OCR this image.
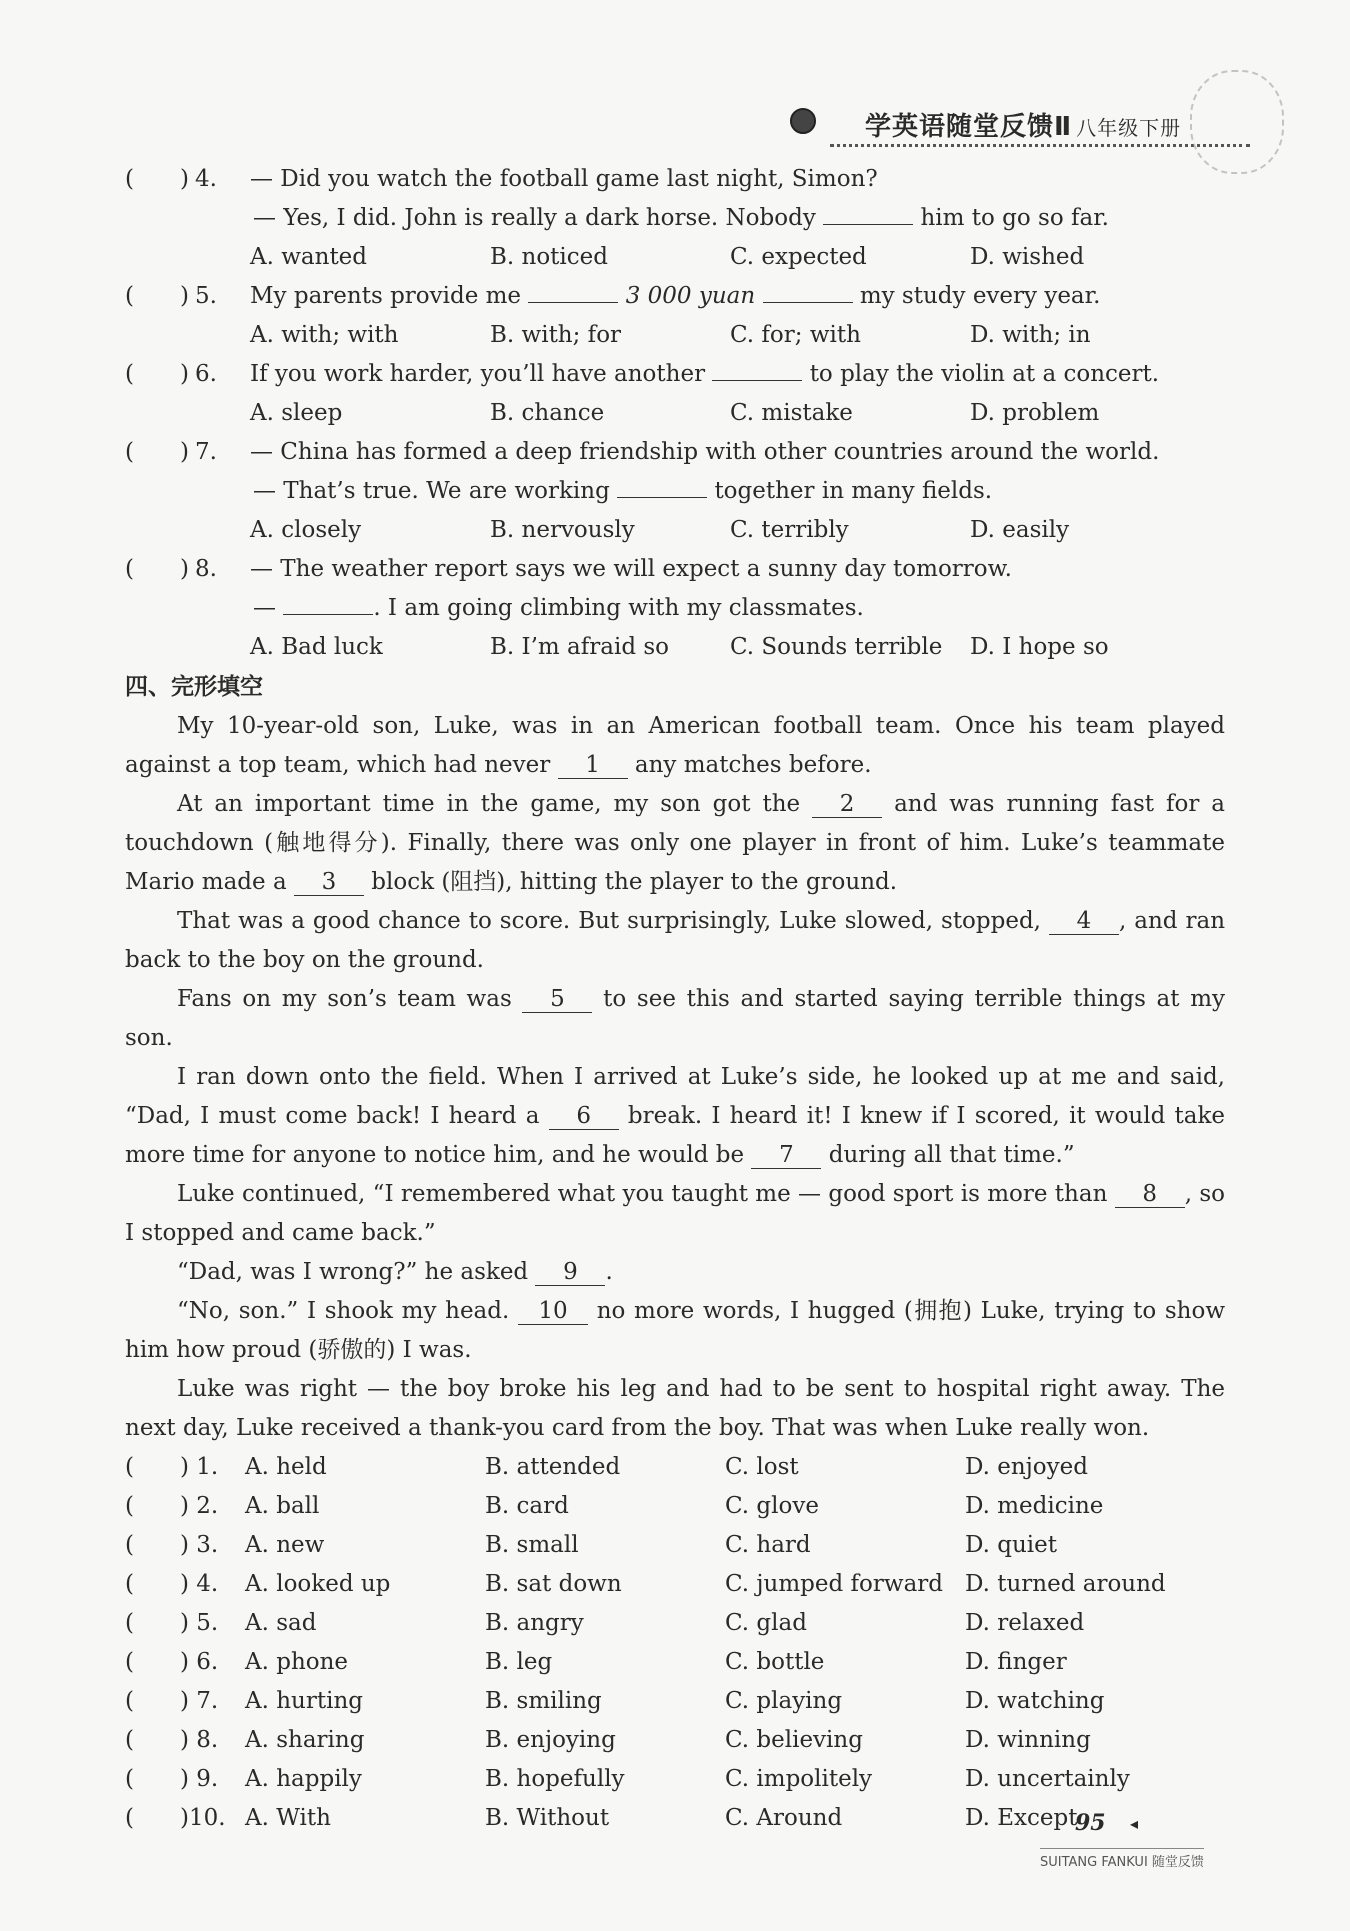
学英语随堂反馈Ⅱ 八年级下册
(　　) 4. — Did you watch the football game last night, Simon?
— Yes, I did. John is really a dark horse. Nobody	him to go so far.
A. wanted	B. noticed	C. expected	D. wished
(　　) 5. My parents provide me	3 000 yuan	my study every year.
A. with; with	B. with; for	C. for; with	D. with; in
(　　) 6. If you work harder, you’ll have another	to play the violin at a concert.
A. sleep	B. chance	C. mistake	D. problem
(　　) 7. — China has formed a deep friendship with other countries around the world.
— That’s true. We are working	together in many fields.
A. closely	B. nervously	C. terribly	D. easily
(　　) 8. — The weather report says we will expect a sunny day tomorrow.
—	. I am going climbing with my classmates.
A. Bad luck	B. I’m afraid so	C. Sounds terrible	D. I hope so
四、完形填空

My 10-year-old son, Luke, was in an American football team. Once his team played against a top team, which had never 1 any matches before.

At an important time in the game, my son got the 2 and was running fast for a touchdown (触地得分). Finally, there was only one player in front of him. Luke’s teammate Mario made a 3 block (阻挡), hitting the player to the ground.

That was a good chance to score. But surprisingly, Luke slowed, stopped, 4 , and ran back to the boy on the ground.

Fans on my son’s team was 5 to see this and started saying terrible things at my son.

I ran down onto the field. When I arrived at Luke’s side, he looked up at me and said, “Dad, I must come back! I heard a 6 break. I heard it! I knew if I scored, it would take more time for anyone to notice him, and he would be 7 during all that time.”

Luke continued, “I remembered what you taught me — good sport is more than 8 , so I stopped and came back.”

“Dad, was I wrong?” he asked 9 .

“No, son.” I shook my head. 10 no more words, I hugged (拥抱) Luke, trying to show him how proud (骄傲的) I was.

Luke was right — the boy broke his leg and had to be sent to hospital right away. The next day, Luke received a thank-you card from the boy. That was when Luke really won.

(　　) 1.	A. held	B. attended	C. lost	D. enjoyed
(　　) 2.	A. ball	B. card	C. glove	D. medicine
(　　) 3.	A. new	B. small	C. hard	D. quiet
(　　) 4.	A. looked up	B. sat down	C. jumped forward D. turned around
(　　) 5.	A. sad	B. angry	C. glad	D. relaxed
(　　) 6.	A. phone	B. leg	C. bottle	D. finger
(　　) 7.	A. hurting	B. smiling	C. playing	D. watching
(　　) 8.	A. sharing	B. enjoying	C. believing	D. winning
(　　) 9.	A. happily	B. hopefully	C. impolitely	D. uncertainly
(　　)10. A. With	B. Without	C. Around	D. Except
95 ◂
SUITANG FANKUI 随堂反馈
